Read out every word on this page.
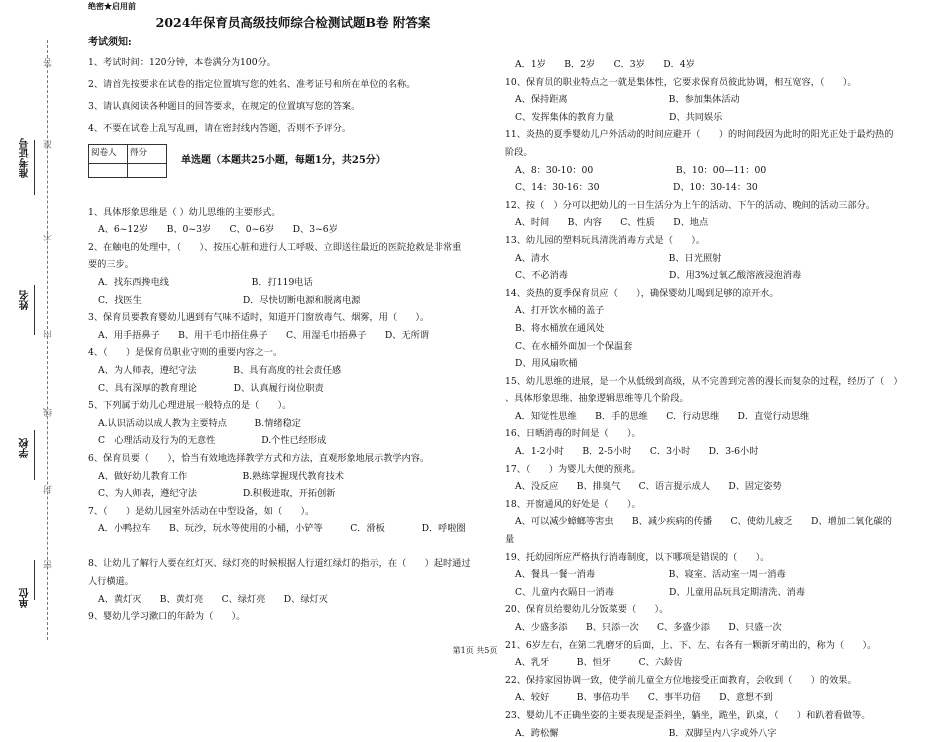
准考证号
姓名
学校
单位
答
准
不
内
线
封
密

绝密★启用前

2024年保育员高级技师综合检测试题B卷 附答案

考试须知:

1、考试时间：120分钟，本卷满分为100分。

2、请首先按要求在试卷的指定位置填写您的姓名、准考证号和所在单位的名称。

3、请认真阅读各种题目的回答要求，在规定的位置填写您的答案。

4、不要在试卷上乱写乱画，请在密封线内答题，否则不予评分。

阅卷人	得分

单选题（本题共25小题，每题1分，共25分）

1、具体形象思维是（ ）幼儿思维的主要形式。

A、6~12岁　　B、0~3岁　　C、0~6岁　　D、3~6岁

2、在触电的处理中，（　　）、按压心脏和进行人工呼吸、立即送往最近的医院抢救是非常重

要的三步。

A．找东西搀电线　　　　　　　　　B．打119电话

C．找医生　　　　　　　　　　　D．尽快切断电源和脱离电源

3、保育员要教育婴幼儿遇到有气味不适时，知道开门窗放毒气、烟雾，用（　　）。

A、用手捂鼻子　　B、用干毛巾捂住鼻子　　C、用湿毛巾捂鼻子　　D、无所谓

4、（　　）是保育员职业守则的重要内容之一。

A、为人师表，遵纪守法　　　　B、具有高度的社会责任感

C、具有深厚的教育理论　　　　D、认真履行岗位职责

5、下列属于幼儿心理进展一般特点的是（　　）。

A.认识活动以成人教为主要特点　　　B.情绪稳定

C　心理活动及行为的无意性　　　　　D.个性已经形成

6、保育员要（　　），恰当有效地选择教学方式和方法，直观形象地展示教学内容。

A、做好幼儿教育工作　　　　　　B.熟练掌握现代教育技术

C、为人师表，遵纪守法　　　　　D.积极进取，开拓创新

7、（　　）是幼儿园室外活动在中型设备，如（　　）。

A．小鸭拉车　　B、玩沙，玩水等使用的小桶，小铲等　　　C．滑板　　　　D．呼啦圈

8、让幼儿了解行人要在红灯灭、绿灯亮的时候根据人行道红绿灯的指示，在（　　）起时通过

人行横道。

A、黄灯灭　　B、黄灯亮　　C、绿灯亮　　D、绿灯灭

9、婴幼儿学习漱口的年龄为（　　）。

A．1岁　　B．2岁　　C．3岁　　D．4岁

10、保育员的职业特点之一就是集体性，它要求保育员彼此协调，相互宽容，（　　）。

A、保持距离　　　　　　　　　　　B、参加集体活动

C、发挥集体的教育力量　　　　　　D、共同娱乐

11、炎热的夏季婴幼儿户外活动的时间应避开（　　）的时间段因为此时的阳光正处于最灼热的

阶段。

A、8：30-10：00　　　　　　　　　B、10：00—11：00

C、14：30-16：30　　　　　　　　D、10：30-14：30

12、按（　）分可以把幼儿的一日生活分为上午的活动、下午的活动、晚间的活动三部分。

A、时间　　B、内容　　C、性质　　D、地点

13、幼儿园的塑料玩具清洗消毒方式是（　　）。

A、清水　　　　　　　　　　　　　B、日光照射

C、不必消毒　　　　　　　　　　　D、用3%过氧乙酸溶液浸泡消毒

14、炎热的夏季保育员应（　　），确保婴幼儿喝到足够的凉开水。

A、打开饮水桶的盖子

B、将水桶放在通风处

C、在水桶外面加一个保温套

D、用风扇吹桶

15、幼儿思维的进展，是一个从低级到高级，从不完善到完善的漫长而复杂的过程，经历了（　）

、具体形象思维、抽象逻辑思维等几个阶段。

A．知觉性思维　　B．手的思维　　C．行动思维　　D．直觉行动思维

16、日晒消毒的时间是（　　）。

A．1-2小时　　B．2-5小时　　C．3小时　　D．3-6小时

17、（　　）为婴儿大便的预兆。

A、没反应　　B、排臭气　　C、语言提示成人　　D、固定姿势

18、开窗通风的好处是（　　）。

A、可以减少蟑螂等害虫　　B、减少疾病的传播　　C、使幼儿疲乏　　D、增加二氧化碳的

量

19、托幼园所应严格执行消毒制度，以下哪项是错误的（　　）。

A、餐具一餐一消毒　　　　　　　　B、寝室、活动室一周一消毒

C、儿童内衣隔日一消毒　　　　　　D、儿童用品玩具定期清洗、消毒

20、保育员给婴幼儿分饭菜要（　　）。

A、少盛多添　　B、只添一次　　C、多盛少添　　D、只盛一次

21、6岁左右，在第二乳磨牙的后面，上、下、左、右各有一颗新牙萌出的，称为（　　）。

A、乳牙　　　B、恒牙　　　C、六龄齿

22、保持家园协调一致，使学前儿童全方位地接受正面教育，会收到（　　）的效果。

A、较好　　　B、事倍功半　　C、事半功倍　　D、意想不到

23、婴幼儿不正确坐姿的主要表现是歪斜坐，躺坐，跪坐，趴桌，（　　）和趴着看做等。

A．跨松懈　　　　　　　　　　　　B．双脚呈内八字或外八字

第1页 共5页
